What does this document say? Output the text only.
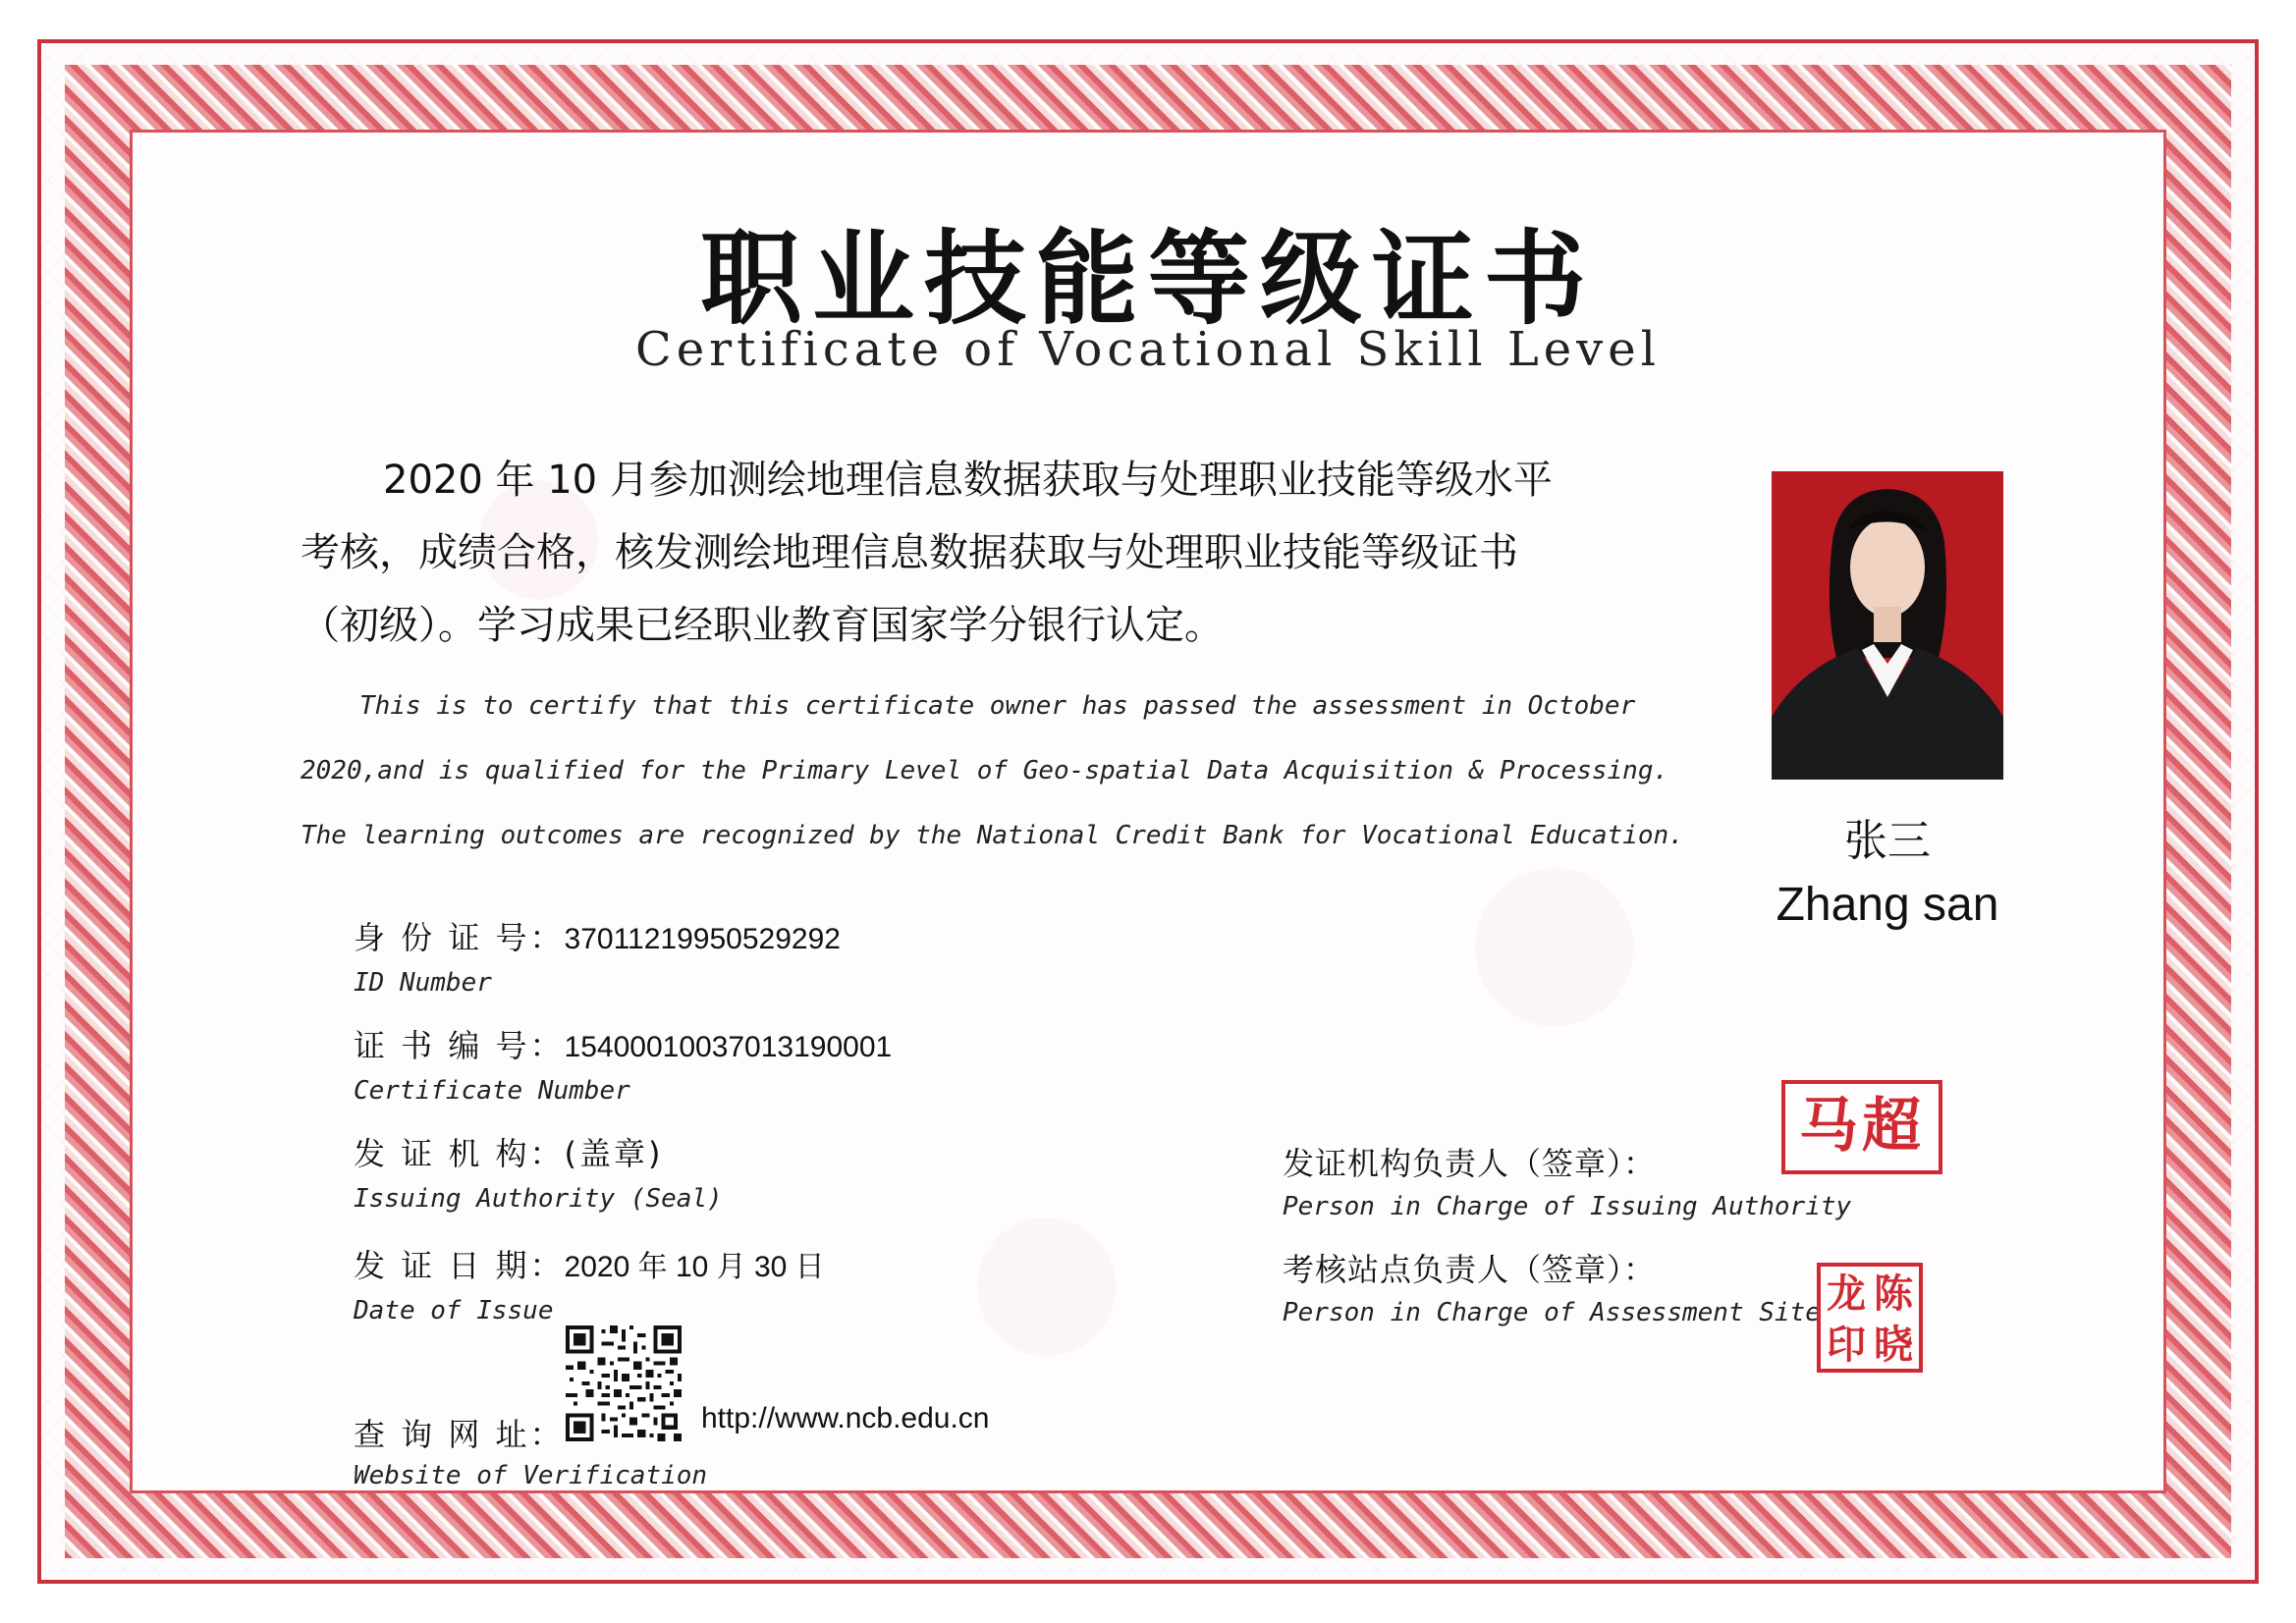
职业技能等级证书
Certificate of Vocational Skill Level
2020 年 10 月参加测绘地理信息数据获取与处理职业技能等级水平
考核，成绩合格，核发测绘地理信息数据获取与处理职业技能等级证书
（初级）。学习成果已经职业教育国家学分银行认定。
This is to certify that this certificate owner has passed the assessment in October
2020,and is qualified for the Primary Level of Geo-spatial Data Acquisition & Processing.
The learning outcomes are recognized by the National Credit Bank for Vocational Education.	张三
Zhang san
身 份 证 号：370112199505292​92
ID Number
证 书 编 号：15400010037013190001
Certificate Number
发 证 机 构：(盖章)
Issuing Authority (Seal)
发 证 日 期：2020 年 10 月 30 日
Date of Issue
查 询 网 址：	http://www.ncb.edu.cn
Website of Verification
发证机构负责人（签章）：
Person in Charge of Issuing Authority
马超
考核站点负责人（签章）：
Person in Charge of Assessment Site 龙 陈
印 晓
